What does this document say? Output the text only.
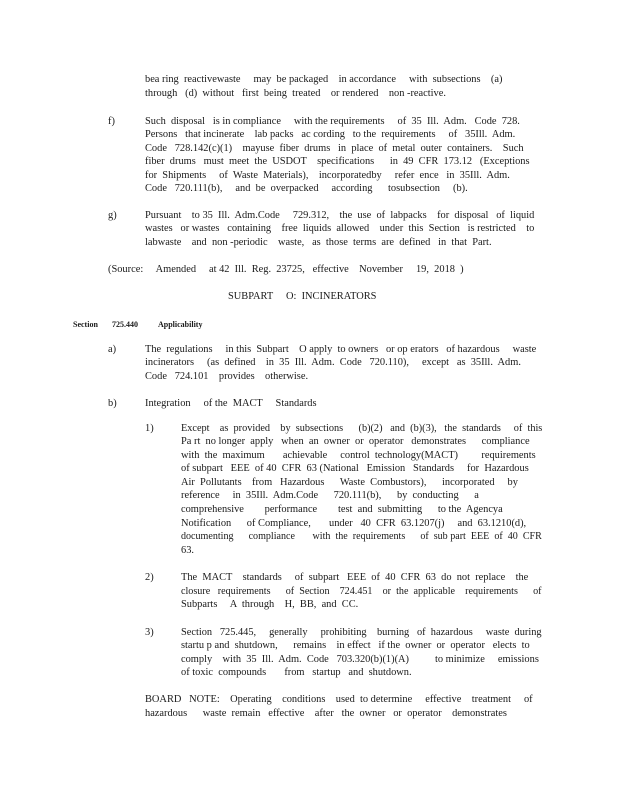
bea ring  reactivewaste     may  be packaged    in accordance     with  subsections    (a)
through   (d)  without   first  being  treated    or rendered    non -reactive.
f)	Such  disposal   is in compliance     with the requirements     of  35  Ill.  Adm.   Code  728.
Persons   that incinerate    lab packs   ac cording   to the  requirements     of   35Ill.  Adm.
Code   728.142(c)(1)    mayuse  fiber  drums   in  place  of  metal  outer  containers.    Such
fiber  drums   must  meet  the  USDOT    specifications      in  49  CFR  173.12   (Exceptions
for  Shipments     of  Waste  Materials),    incorporatedby     refer  ence   in  35Ill.  Adm.
Code   720.111(b),     and  be  overpacked     according      tosubsection     (b).
g)	Pursuant    to 35  Ill.  Adm.Code     729.312,    the  use  of  labpacks    for  disposal   of  liquid
wastes   or wastes   containing    free  liquids  allowed    under  this  Section   is restricted    to
labwaste    and  non -periodic    waste,   as  those  terms  are  defined   in  that  Part.
(Source:     Amended     at 42  Ill.  Reg.  23725,   effective    November     19,  2018  )
SUBPART     O:  INCINERATORS
Section 725.440	Applicability
a)	The  regulations     in this  Subpart    O apply  to owners   or op erators   of hazardous     waste
incinerators     (as  defined    in  35  Ill.  Adm.  Code   720.110),     except   as  35Ill.  Adm.
Code   724.101    provides    otherwise.
b)	Integration     of the  MACT     Standards
1)	Except    as  provided    by  subsections      (b)(2)   and  (b)(3),   the  standards     of  this
Pa rt  no longer  apply   when  an  owner  or  operator   demonstrates      compliance
with  the  maximum       achievable     control  technology(MACT)         requirements
of subpart   EEE  of 40  CFR  63 (National   Emission   Standards     for  Hazardous
Air  Pollutants    from   Hazardous      Waste  Combustors),      incorporated     by
reference     in  35Ill.  Adm.Code      720.111(b),      by  conducting      a
comprehensive        performance        test  and  submitting      to the  Agencya
Notification      of Compliance,       under   40  CFR  63.1207(j)     and  63.1210(d),
documenting      compliance       with  the  requirements      of  sub part  EEE  of  40  CFR
63.
2)	The  MACT    standards     of  subpart   EEE  of  40  CFR  63  do  not  replace    the
closure   requirements      of  Section    724.451    or  the  applicable    requirements      of
Subparts     A  through    H,  BB,  and  CC.
3)	Section   725.445,     generally     prohibiting    burning   of  hazardous     waste  during
startu p and  shutdown,      remains    in effect   if the  owner  or  operator   elects  to
comply    with  35  Ill.  Adm.  Code   703.320(b)(1)(A)          to minimize     emissions
of toxic  compounds       from   startup   and  shutdown.
BOARD   NOTE:    Operating    conditions    used  to determine     effective    treatment     of
hazardous      waste  remain   effective    after   the  owner   or  operator    demonstrates
